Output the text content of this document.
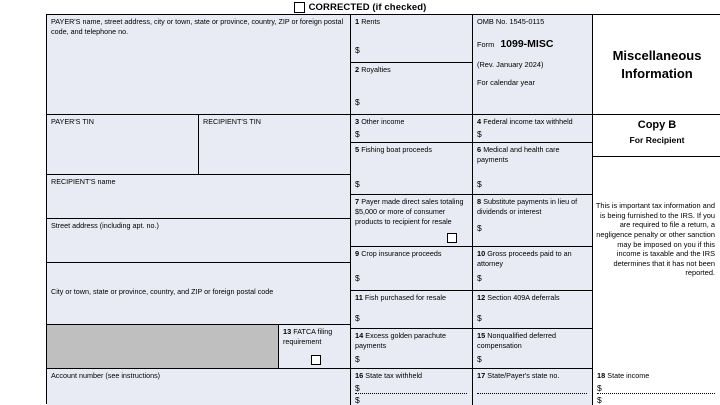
CORRECTED (if checked)
PAYER'S name, street address, city or town, state or province, country, ZIP or foreign postal code, and telephone no.
1 Rents
$
OMB No. 1545-0115
Form 1099-MISC
(Rev. January 2024)
For calendar year
Miscellaneous Information
2 Royalties
$
3 Other income
$
4 Federal income tax withheld
$
Copy B
For Recipient
PAYER'S TIN	RECIPIENT'S TIN
5 Fishing boat proceeds
$
6 Medical and health care payments
$
This is important tax information and is being furnished to the IRS. If you are required to file a return, a negligence penalty or other sanction may be imposed on you if this income is taxable and the IRS determines that it has not been reported.
RECIPIENT'S name
7 Payer made direct sales totaling $5,000 or more of consumer products to recipient for resale
8 Substitute payments in lieu of dividends or interest
$
Street address (including apt. no.)
9 Crop insurance proceeds
$
10 Gross proceeds paid to an attorney
$
City or town, state or province, country, and ZIP or foreign postal code
11 Fish purchased for resale
$
12 Section 409A deferrals
$
13 FATCA filing requirement
14 Excess golden parachute payments
$
15 Nonqualified deferred compensation
$
Account number (see instructions)	16 State tax withheld
$
$
17 State/Payer's state no.	18 State income
$
$
